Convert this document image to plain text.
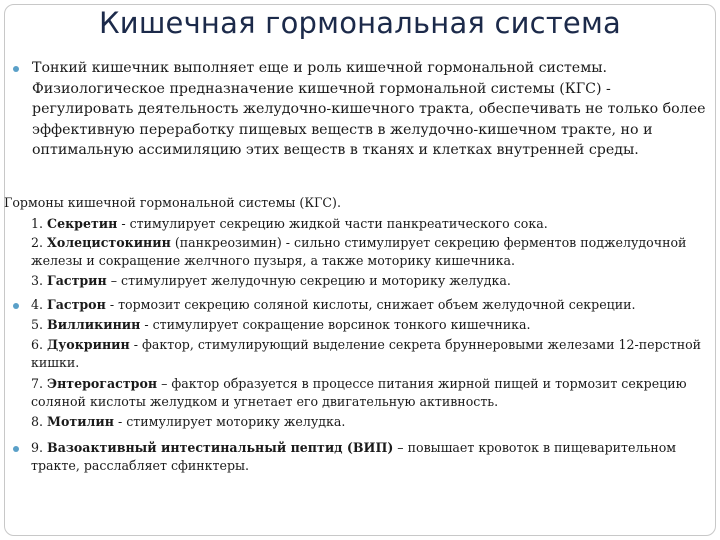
Кишечная гормональная система
Тонкий кишечник выполняет еще и роль кишечной гормональной системы. Физиологическое предназначение кишечной гормональной системы (КГС) - регулировать деятельность желудочно-кишечного тракта, обеспечивать не только более эффективную переработку пищевых веществ в желудочно-кишечном тракте, но и оптимальную ассимиляцию этих веществ в тканях и клетках внутренней среды.
Гормоны кишечной гормональной системы (КГС).
1. Секретин - стимулирует секрецию жидкой части панкреатического сока.
2. Холецистокинин (панкреозимин) - сильно стимулирует секрецию ферментов поджелудочной железы и сокращение желчного пузыря, а также моторику кишечника.
3. Гастрин – стимулирует желудочную секрецию и моторику желудка.
4. Гастрон - тормозит секрецию соляной кислоты, снижает объем желудочной секреции.
5. Вилликинин - стимулирует сокращение ворсинок тонкого кишечника.
6. Дуокринин - фактор, стимулирующий выделение секрета бруннеровыми железами 12-перстной кишки.
7. Энтерогастрон – фактор образуется в процессе питания жирной пищей и тормозит секрецию соляной кислоты желудком и угнетает его двигательную активность.
8. Мотилин - стимулирует моторику желудка.
9. Вазоактивный интестинальный пептид (ВИП) – повышает кровоток в пищеварительном тракте, расслабляет сфинктеры.
